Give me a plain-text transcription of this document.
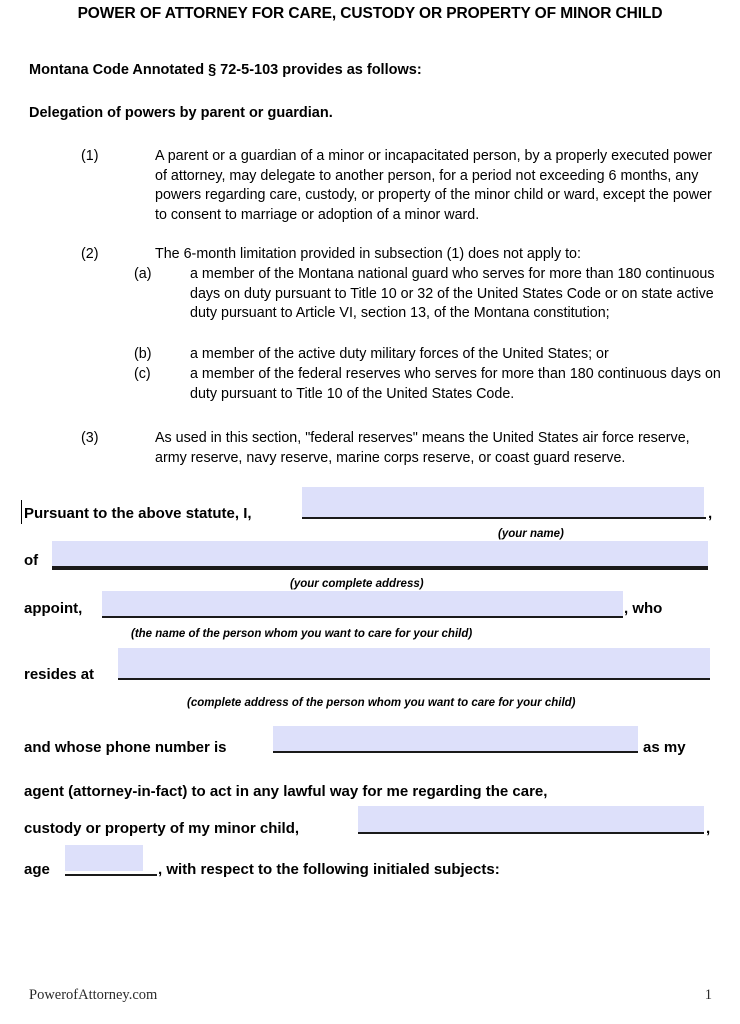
POWER OF ATTORNEY FOR CARE, CUSTODY OR PROPERTY OF MINOR CHILD
Montana Code Annotated § 72-5-103 provides as follows:
Delegation of powers by parent or guardian.
(1)	A parent or a guardian of a minor or incapacitated person, by a properly executed power of attorney, may delegate to another person, for a period not exceeding 6 months, any powers regarding care, custody, or property of the minor child or ward, except the power to consent to marriage or adoption of a minor ward.
(2)	The 6-month limitation provided in subsection (1) does not apply to:
(a)	a member of the Montana national guard who serves for more than 180 continuous days on duty pursuant to Title 10 or 32 of the United States Code or on state active duty pursuant to Article VI, section 13, of the Montana constitution;
(b)	a member of the active duty military forces of the United States; or
(c)	a member of the federal reserves who serves for more than 180 continuous days on duty pursuant to Title 10 of the United States Code.
(3)	As used in this section, "federal reserves" means the United States air force reserve, army reserve, navy reserve, marine corps reserve, or coast guard reserve.
Pursuant to the above statute, I,	,
(your name)
of
(your complete address)
appoint,	, who
(the name of the person whom you want to care for your child)
resides at
(complete address of the person whom you want to care for your child)
and whose phone number is	as my
agent (attorney-in-fact) to act in any lawful way for me regarding the care,
custody or property of my minor child,	,
age	, with respect to the following initialed subjects:
PowerofAttorney.com	1
